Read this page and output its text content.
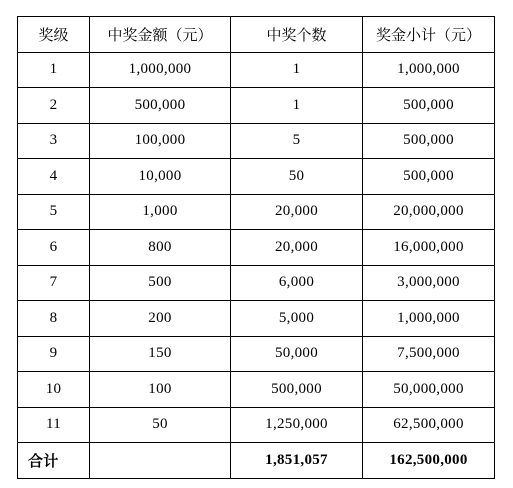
奖级	中奖金额（元）	中奖个数	奖金小计（元）
1	1,000,000	1	1,000,000
2	500,000	1	500,000
3	100,000	5	500,000
4	10,000	50	500,000
5	1,000	20,000	20,000,000
6	800	20,000	16,000,000
7	500	6,000	3,000,000
8	200	5,000	1,000,000
9	150	50,000	7,500,000
10	100	500,000	50,000,000
11	50	1,250,000	62,500,000
合计		1,851,057	162,500,000
